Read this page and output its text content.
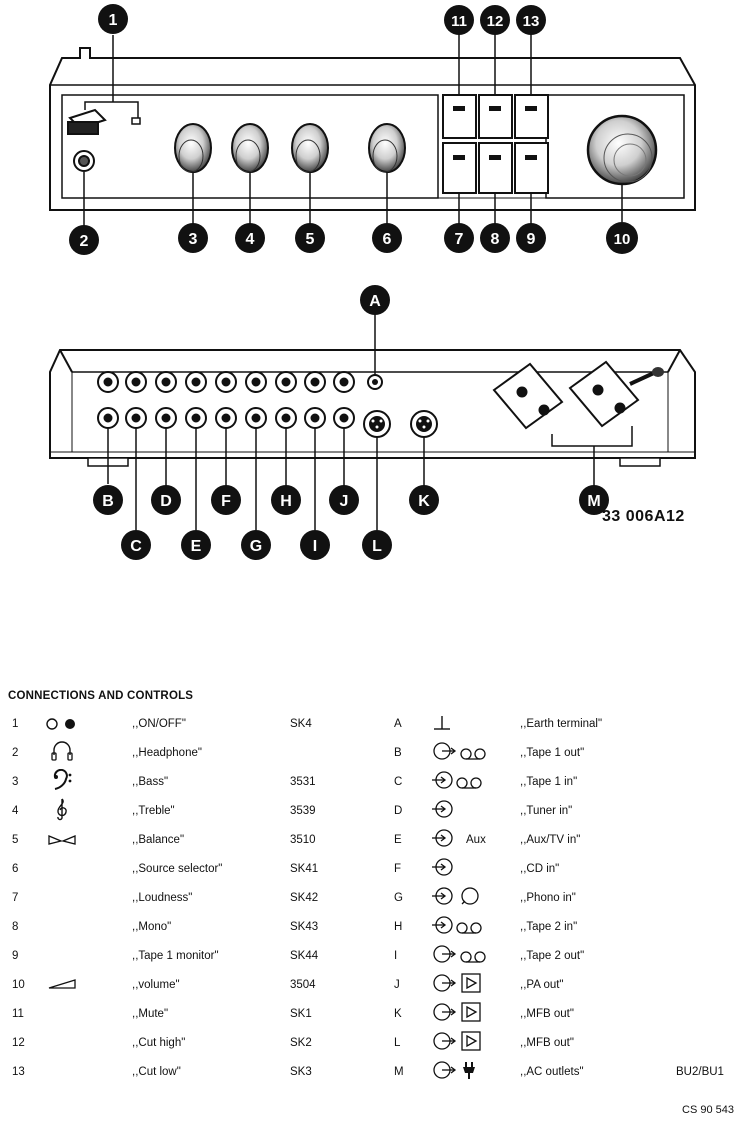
1
2	3	4	5	6	7 8 9	10
11 12 13
A
B
C
D
E
F
G
H
I
J	K
L
M
33 006A12
CONNECTIONS AND CONTROLS
1	,,ON/OFF"	SK4	A	,,Earth terminal"
2	,,Headphone"	B	,,Tape 1 out"
3	,,Bass"	3531	C	,,Tape 1 in"
4	,,Treble"	3539	D	,,Tuner in"
5	,,Balance"	3510	E	Aux	,,Aux/TV in"
6	,,Source selector"	SK41	F	,,CD in"
7	,,Loudness"	SK42	G	,,Phono in"
8	,,Mono"	SK43	H	,,Tape 2 in"
9	,,Tape 1 monitor"	SK44	I	,,Tape 2 out"
10	,,volume"	3504	J	,,PA out"
11	,,Mute"	SK1	K	,,MFB out"
12	,,Cut high"	SK2	L	,,MFB out"
13	,,Cut low"	SK3	M	,,AC outlets"	BU2/BU1
CS 90 543
